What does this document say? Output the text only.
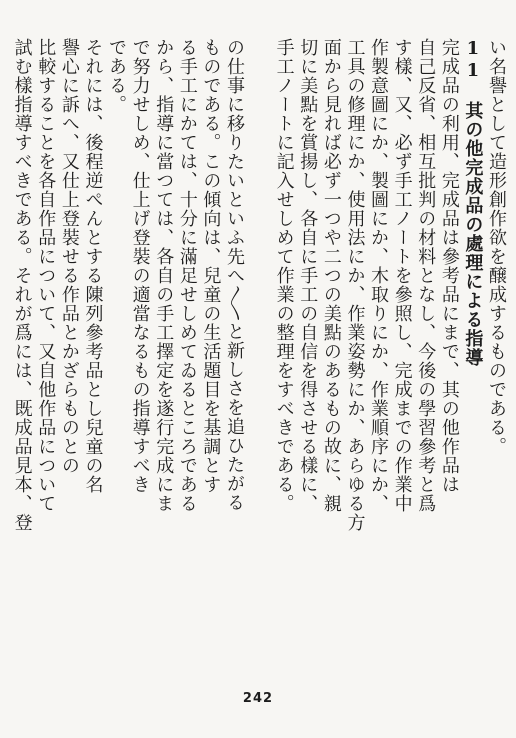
い名譽として造形創作欲を醸成するものである。
11　其の他完成品の處理による指導
完成品の利用、完成品は參考品にまで、其の他作品は
自己反省、相互批判の材料となし、今後の學習參考と爲
す樣、又、必ず手工ノートを參照し、完成までの作業中
作製意圖にか、製圖にか、木取りにか、作業順序にか、
工具の修理にか、使用法にか、作業姿勢にか、あらゆる方
面から見れば必ず一つや二つの美點のあるもの故に、親
切に美點を賞揚し、各自に手工の自信を得させる樣に、
手工ノートに記入せしめて作業の整理をすべきである。
の仕事に移りたいといふ先へ〳〵と新しさを追ひたがる
ものである。この傾向は、兒童の生活題目を基調とす
る手工にかては、十分に滿足せしめてゐるところである
から、指導に當つては、各自の手工擇定を遂行完成にま
で努力せしめ、仕上げ登裝の適當なるもの指導すべき
である。
それには、後程逆ぺんとする陳列參考品とし兒童の名
譽心に訴へ、又仕上登裝せる作品とかざらものとの
比較することを各自作品について、又自他作品について
試む樣指導すべきである。それが爲には、既成品見本、登
242
